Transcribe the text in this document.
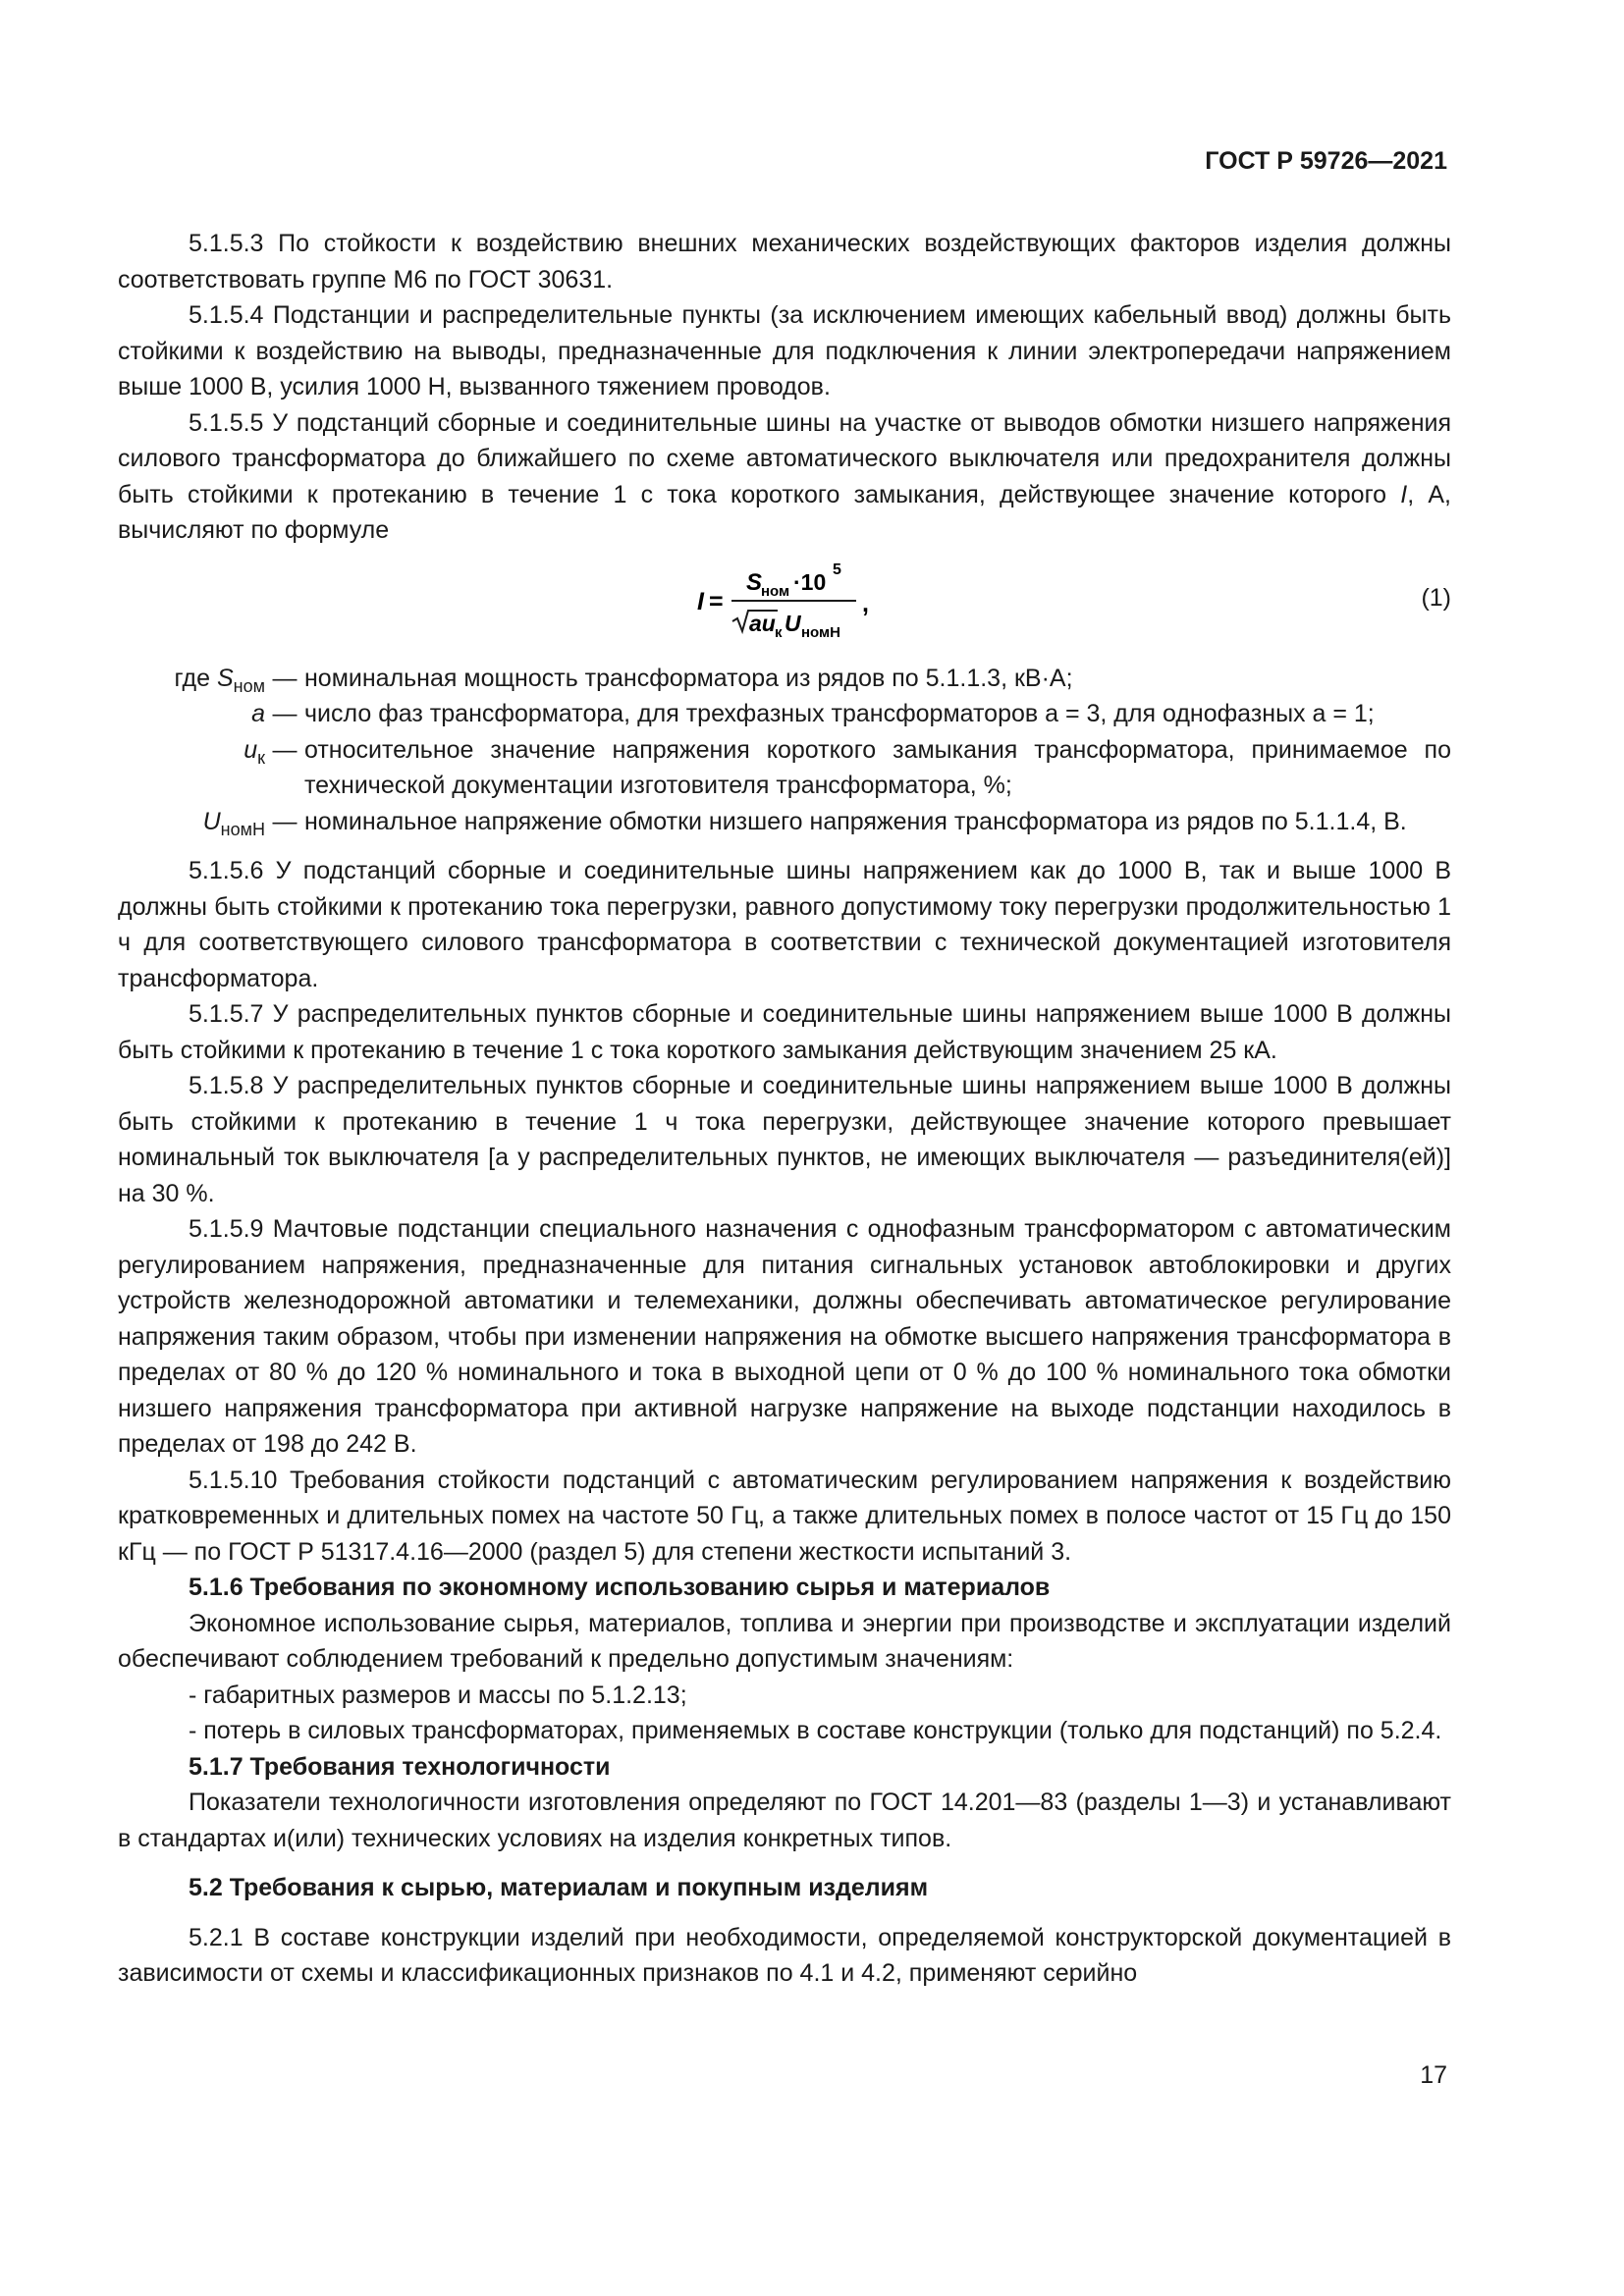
ГОСТ Р 59726—2021

5.1.5.3 По стойкости к воздействию внешних механических воздействующих факторов изделия должны соответствовать группе М6 по ГОСТ 30631.

5.1.5.4 Подстанции и распределительные пункты (за исключением имеющих кабельный ввод) должны быть стойкими к воздействию на выводы, предназначенные для подключения к линии электропередачи напряжением выше 1000 В, усилия 1000 Н, вызванного тяжением проводов.

5.1.5.5 У подстанций сборные и соединительные шины на участке от выводов обмотки низшего напряжения силового трансформатора до ближайшего по схеме автоматического выключателя или предохранителя должны быть стойкими к протеканию в течение 1 с тока короткого замыкания, действующее значение которого I, А, вычисляют по формуле

I =
S
ном ·10 5
au к U номН
,	(1)
где $S_{ном}$ — номинальная мощность трансформатора из рядов по 5.1.1.3, кВ·А;
a — число фаз трансформатора, для трехфазных трансформаторов a = 3, для однофазных a = 1;
$u_к$ — относительное значение напряжения короткого замыкания трансформатора, принимаемое по технической документации изготовителя трансформатора, %;
$U_{номН}$ — номинальное напряжение обмотки низшего напряжения трансформатора из рядов по 5.1.1.4, В.

5.1.5.6 У подстанций сборные и соединительные шины напряжением как до 1000 В, так и выше 1000 В должны быть стойкими к протеканию тока перегрузки, равного допустимому току перегрузки продолжительностью 1 ч для соответствующего силового трансформатора в соответствии с технической документацией изготовителя трансформатора.

5.1.5.7 У распределительных пунктов сборные и соединительные шины напряжением выше 1000 В должны быть стойкими к протеканию в течение 1 с тока короткого замыкания действующим значением 25 кА.

5.1.5.8 У распределительных пунктов сборные и соединительные шины напряжением выше 1000 В должны быть стойкими к протеканию в течение 1 ч тока перегрузки, действующее значение которого превышает номинальный ток выключателя [а у распределительных пунктов, не имеющих выключателя — разъединителя(ей)] на 30 %.

5.1.5.9 Мачтовые подстанции специального назначения с однофазным трансформатором с автоматическим регулированием напряжения, предназначенные для питания сигнальных установок автоблокировки и других устройств железнодорожной автоматики и телемеханики, должны обеспечивать автоматическое регулирование напряжения таким образом, чтобы при изменении напряжения на обмотке высшего напряжения трансформатора в пределах от 80 % до 120 % номинального и тока в выходной цепи от 0 % до 100 % номинального тока обмотки низшего напряжения трансформатора при активной нагрузке напряжение на выходе подстанции находилось в пределах от 198 до 242 В.

5.1.5.10 Требования стойкости подстанций с автоматическим регулированием напряжения к воздействию кратковременных и длительных помех на частоте 50 Гц, а также длительных помех в полосе частот от 15 Гц до 150 кГц — по ГОСТ Р 51317.4.16—2000 (раздел 5) для степени жесткости испытаний 3.

5.1.6 Требования по экономному использованию сырья и материалов

Экономное использование сырья, материалов, топлива и энергии при производстве и эксплуатации изделий обеспечивают соблюдением требований к предельно допустимым значениям:

- габаритных размеров и массы по 5.1.2.13;

- потерь в силовых трансформаторах, применяемых в составе конструкции (только для подстанций) по 5.2.4.

5.1.7 Требования технологичности

Показатели технологичности изготовления определяют по ГОСТ 14.201—83 (разделы 1—3) и устанавливают в стандартах и(или) технических условиях на изделия конкретных типов.

5.2 Требования к сырью, материалам и покупным изделиям

5.2.1 В составе конструкции изделий при необходимости, определяемой конструкторской документацией в зависимости от схемы и классификационных признаков по 4.1 и 4.2, применяют серийно

17
